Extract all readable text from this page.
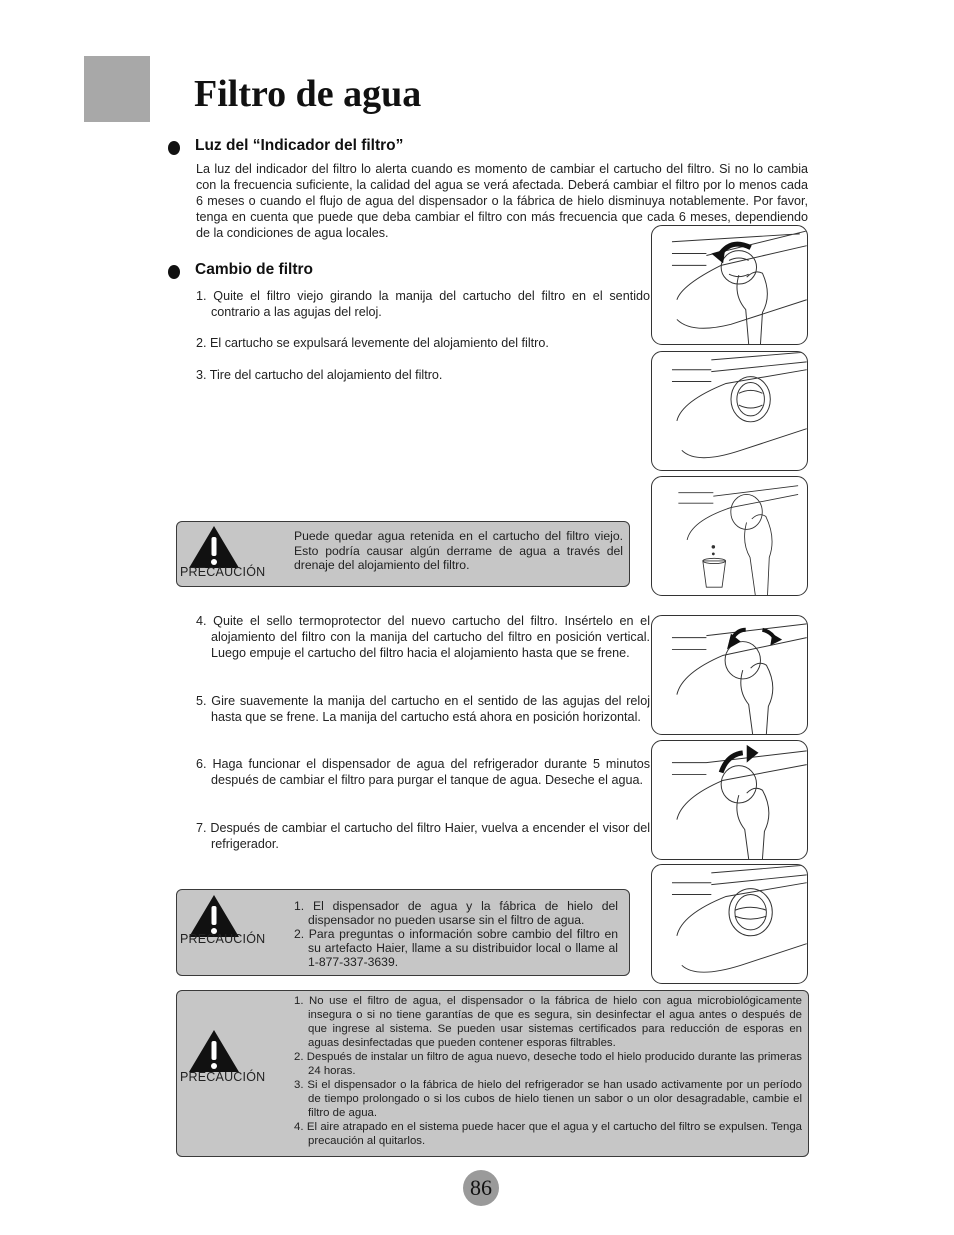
Filtro de agua
Luz del “Indicador del filtro”

La luz del indicador del filtro lo alerta cuando es momento de cambiar el cartucho del filtro. Si no lo cambia con la frecuencia suficiente, la calidad del agua se verá afectada. Deberá cambiar el filtro por lo menos cada 6 meses o cuando el flujo de agua del dispensador o la fábrica de hielo disminuya notablemente. Por favor, tenga en cuenta que puede que deba cambiar el filtro con más frecuencia que cada 6 meses, dependiendo de la condiciones de agua locales.

Cambio de filtro

1. Quite el filtro viejo girando la manija del cartucho del filtro en el sentido contrario a las agujas del reloj.

2. El cartucho se expulsará levemente del alojamiento del filtro.

3. Tire del cartucho del alojamiento del filtro.

PRECAUCIÓN

Puede quedar agua retenida en el cartucho del filtro viejo. Esto podría causar algún derrame de agua a través del drenaje del alojamiento del filtro.

4. Quite el sello termoprotector del nuevo cartucho del filtro. Insértelo en el alojamiento del filtro con la manija del cartucho del filtro en posición vertical. Luego empuje el cartucho del filtro hacia el alojamiento hasta que se frene.

5. Gire suavemente la manija del cartucho en el sentido de las agujas del reloj hasta que se frene. La manija del cartucho está ahora en posición horizontal.

6. Haga funcionar el dispensador de agua del refrigerador durante 5 minutos después de cambiar el filtro para purgar el tanque de agua. Deseche el agua.

7. Después de cambiar el cartucho del filtro Haier, vuelva a encender el visor del refrigerador.

PRECAUCIÓN
1. El dispensador de agua y la fábrica de hielo del dispensador no pueden usarse sin el filtro de agua.
2. Para preguntas o información sobre cambio del filtro en su artefacto Haier, llame a su distribuidor local o llame al 1-877-337-3639.
PRECAUCIÓN
1. No use el filtro de agua, el dispensador o la fábrica de hielo con agua microbiológicamente insegura o si no tiene garantías de que es segura, sin desinfectar el agua antes o después de que ingrese al sistema. Se pueden usar sistemas certificados para reducción de esporas en aguas desinfectadas que pueden contener esporas filtrables.
2. Después de instalar un filtro de agua nuevo, deseche todo el hielo producido durante las primeras 24 horas.
3. Si el dispensador o la fábrica de hielo del refrigerador se han usado activamente por un período de tiempo prolongado o si los cubos de hielo tienen un sabor o un olor desagradable, cambie el filtro de agua.
4. El aire atrapado en el sistema puede hacer que el agua y el cartucho del filtro se expulsen. Tenga precaución al quitarlos.
86
